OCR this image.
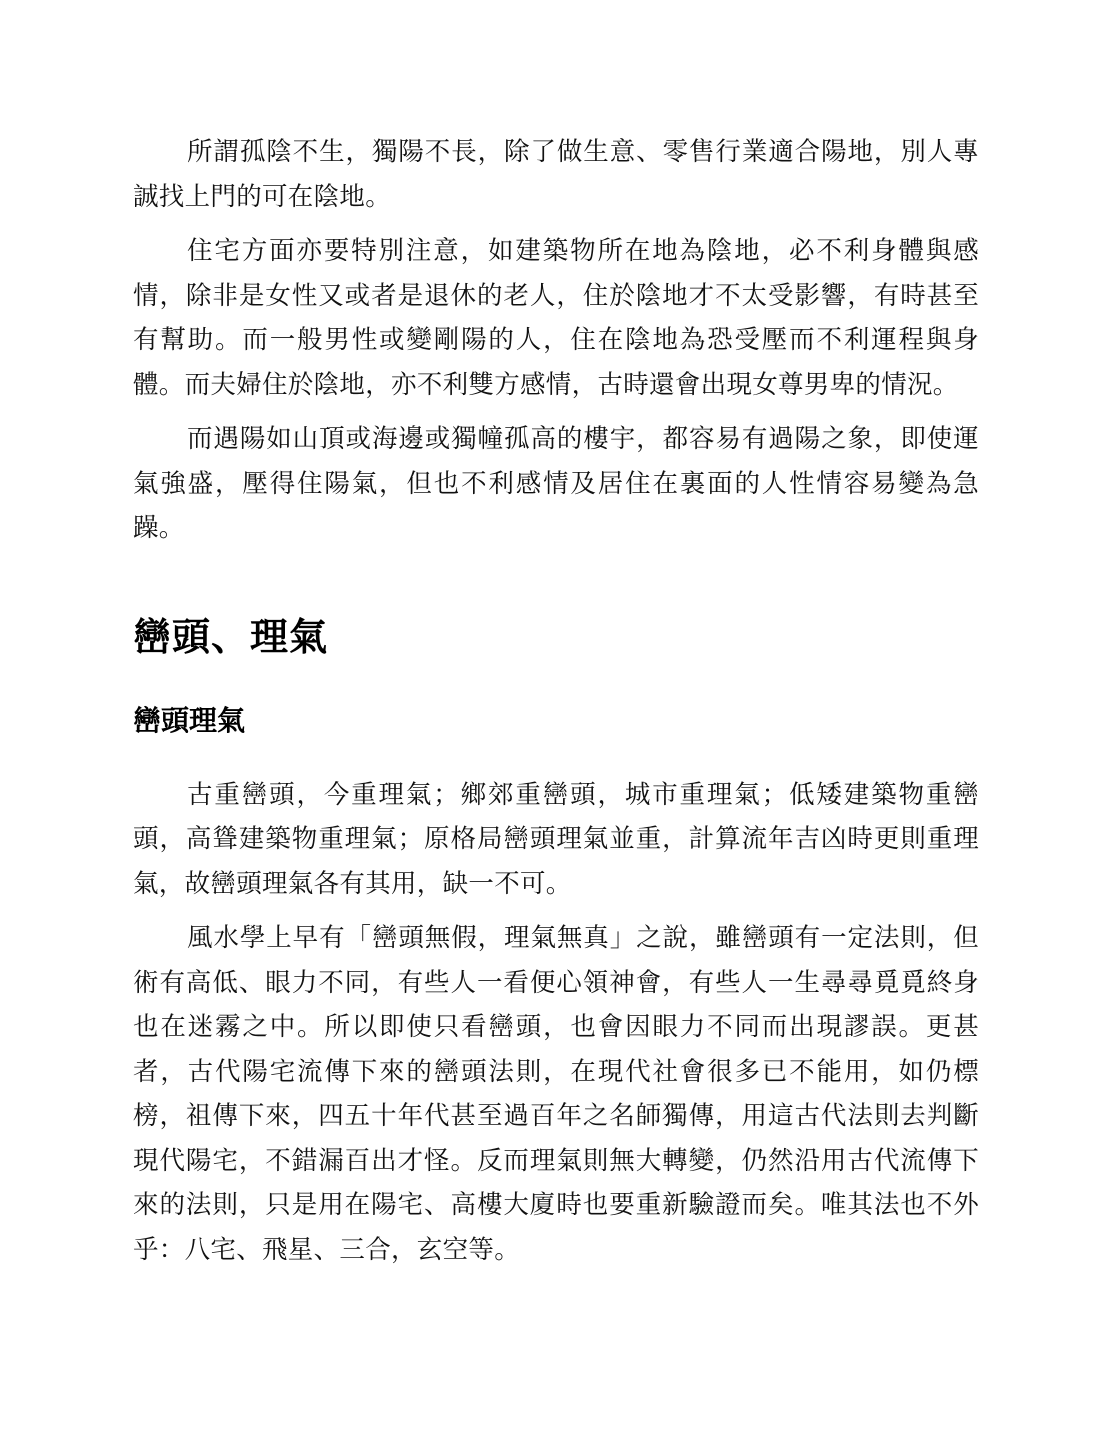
所謂孤陰不生，獨陽不長，除了做生意、零售行業適合陽地，別人專誠找上門的可在陰地。

住宅方面亦要特別注意，如建築物所在地為陰地，必不利身體與感情，除非是女性又或者是退休的老人，住於陰地才不太受影響，有時甚至有幫助。而一般男性或變剛陽的人，住在陰地為恐受壓而不利運程與身體。而夫婦住於陰地，亦不利雙方感情，古時還會出現女尊男卑的情況。

而遇陽如山頂或海邊或獨幢孤高的樓宇，都容易有過陽之象，即使運氣強盛，壓得住陽氣，但也不利感情及居住在裏面的人性情容易變為急躁。

巒頭、理氣
巒頭理氣

古重巒頭，今重理氣；鄉郊重巒頭，城市重理氣；低矮建築物重巒頭，高聳建築物重理氣；原格局巒頭理氣並重，計算流年吉凶時更則重理氣，故巒頭理氣各有其用，缺一不可。

風水學上早有「巒頭無假，理氣無真」之說，雖巒頭有一定法則，但術有高低、眼力不同，有些人一看便心領神會，有些人一生尋尋覓覓終身也在迷霧之中。所以即使只看巒頭，也會因眼力不同而出現謬誤。更甚者，古代陽宅流傳下來的巒頭法則，在現代社會很多已不能用，如仍標榜，祖傳下來，四五十年代甚至過百年之名師獨傳，用這古代法則去判斷現代陽宅，不錯漏百出才怪。反而理氣則無大轉變，仍然沿用古代流傳下來的法則，只是用在陽宅、高樓大廈時也要重新驗證而矣。唯其法也不外乎：八宅、飛星、三合，玄空等。
